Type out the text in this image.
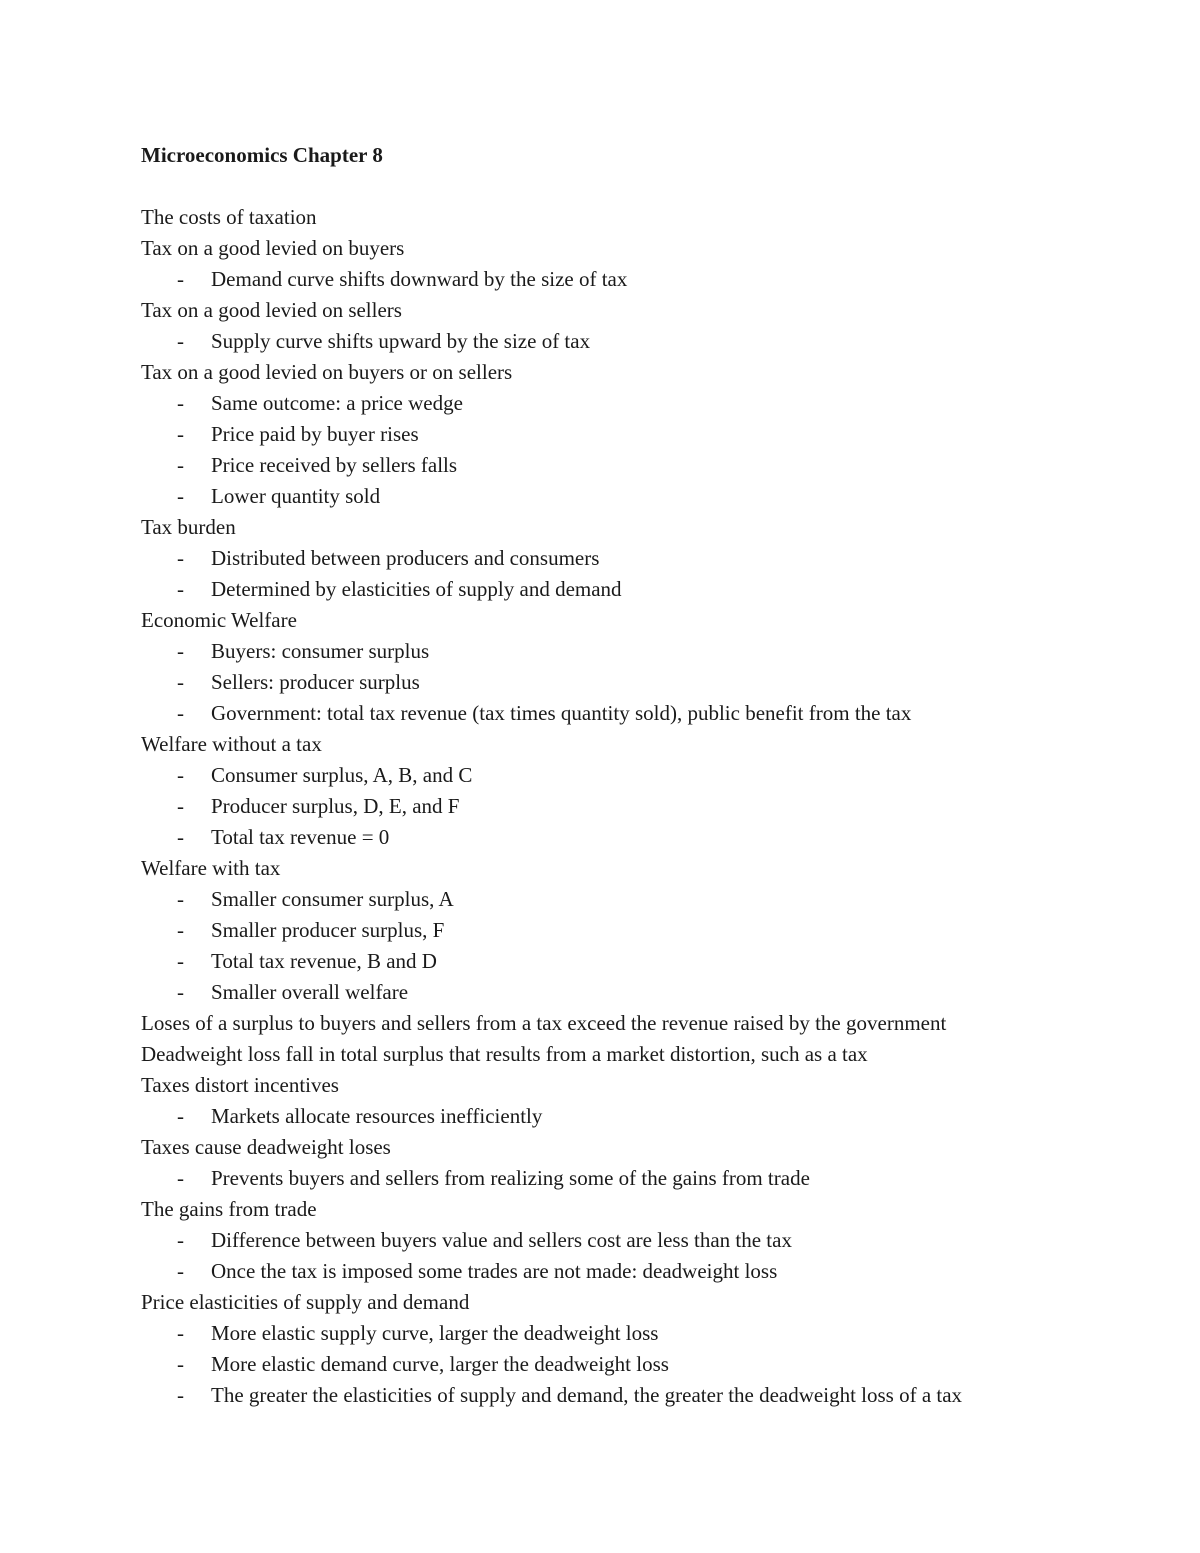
Microeconomics Chapter 8
The costs of taxation
Tax on a good levied on buyers
- Demand curve shifts downward by the size of tax
Tax on a good levied on sellers
- Supply curve shifts upward by the size of tax
Tax on a good levied on buyers or on sellers
- Same outcome: a price wedge
- Price paid by buyer rises
- Price received by sellers falls
- Lower quantity sold
Tax burden
- Distributed between producers and consumers
- Determined by elasticities of supply and demand
Economic Welfare
- Buyers: consumer surplus
- Sellers: producer surplus
- Government: total tax revenue (tax times quantity sold), public benefit from the tax
Welfare without a tax
- Consumer surplus, A, B, and C
- Producer surplus, D, E, and F
- Total tax revenue = 0
Welfare with tax
- Smaller consumer surplus, A
- Smaller producer surplus, F
- Total tax revenue, B and D
- Smaller overall welfare
Loses of a surplus to buyers and sellers from a tax exceed the revenue raised by the government
Deadweight loss fall in total surplus that results from a market distortion, such as a tax
Taxes distort incentives
- Markets allocate resources inefficiently
Taxes cause deadweight loses
- Prevents buyers and sellers from realizing some of the gains from trade
The gains from trade
- Difference between buyers value and sellers cost are less than the tax
- Once the tax is imposed some trades are not made: deadweight loss
Price elasticities of supply and demand
- More elastic supply curve, larger the deadweight loss
- More elastic demand curve, larger the deadweight loss
- The greater the elasticities of supply and demand, the greater the deadweight loss of a tax
